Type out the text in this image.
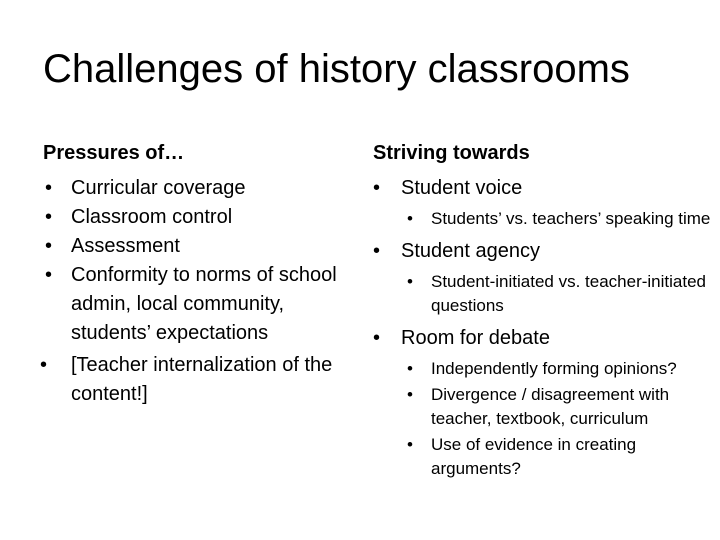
Challenges of history classrooms
Pressures of…
• Curricular coverage
• Classroom control
• Assessment
• Conformity to norms of school admin, local community, students’ expectations
• [Teacher internalization of the content!]
Striving towards
• Student voice
• Students’ vs. teachers’ speaking time
• Student agency
• Student-initiated vs. teacher-initiated questions
• Room for debate
• Independently forming opinions?
• Divergence / disagreement with teacher, textbook, curriculum
• Use of evidence in creating arguments?
